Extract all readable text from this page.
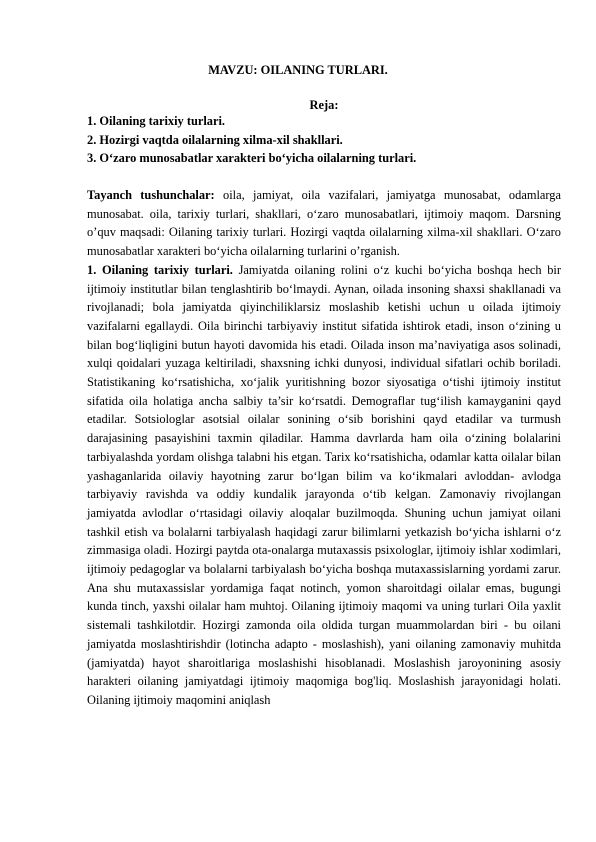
MAVZU: OILANING TURLARI.
Reja:
1. Oilaning tarixiy turlari.
2. Hozirgi vaqtda oilalarning xilma-xil shakllari.
3. O‘zaro munosabatlar xarakteri bo‘yicha oilalarning turlari.

Tayanch tushunchalar: oila, jamiyat, oila vazifalari, jamiyatga munosabat, odamlarga munosabat. oila, tarixiy turlari, shakllari, o‘zaro munosabatlari, ijtimoiy maqom. Darsning o’quv maqsadi: Oilaning tarixiy turlari. Hozirgi vaqtda oilalarning xilma-xil shakllari. O‘zaro munosabatlar xarakteri bo‘yicha oilalarning turlarini o’rganish.

1. Oilaning tarixiy turlari. Jamiyatda oilaning rolini o‘z kuchi bo‘yicha boshqa hech bir ijtimoiy institutlar bilan tenglashtirib bo‘lmaydi. Aynan, oilada insoning shaxsi shakllanadi va rivojlanadi; bola jamiyatda qiyinchiliklarsiz moslashib ketishi uchun u oilada ijtimoiy vazifalarni egallaydi. Oila birinchi tarbiyaviy institut sifatida ishtirok etadi, inson o‘zining u bilan bog‘liqligini butun hayoti davomida his etadi. Oilada inson ma’naviyatiga asos solinadi, xulqi qoidalari yuzaga keltiriladi, shaxsning ichki dunyosi, individual sifatlari ochib boriladi. Statistikaning ko‘rsatishicha, xo‘jalik yuritishning bozor siyosatiga o‘tishi ijtimoiy institut sifatida oila holatiga ancha salbiy ta’sir ko‘rsatdi. Demograflar tug‘ilish kamayganini qayd etadilar. Sotsiologlar asotsial oilalar sonining o‘sib borishini qayd etadilar va turmush darajasining pasayishini taxmin qiladilar. Hamma davrlarda ham oila o‘zining bolalarini tarbiyalashda yordam olishga talabni his etgan. Tarix ko‘rsatishicha, odamlar katta oilalar bilan yashaganlarida oilaviy hayotning zarur bo‘lgan bilim va ko‘ikmalari avloddan- avlodga tarbiyaviy ravishda va oddiy kundalik jarayonda o‘tib kelgan. Zamonaviy rivojlangan jamiyatda avlodlar o‘rtasidagi oilaviy aloqalar buzilmoqda. Shuning uchun jamiyat oilani tashkil etish va bolalarni tarbiyalash haqidagi zarur bilimlarni yetkazish bo‘yicha ishlarni o‘z zimmasiga oladi. Hozirgi paytda ota-onalarga mutaxassis psixologlar, ijtimoiy ishlar xodimlari, ijtimoiy pedagoglar va bolalarni tarbiyalash bo‘yicha boshqa mutaxassislarning yordami zarur. Ana shu mutaxassislar yordamiga faqat notinch, yomon sharoitdagi oilalar emas, bugungi kunda tinch, yaxshi oilalar ham muhtoj. Oilaning ijtimoiy maqomi va uning turlari Oila yaxlit sistemali tashkilotdir. Hozirgi zamonda oila oldida turgan muammolardan biri - bu oilani jamiyatda moslashtirishdir (lotincha adapto - moslashish), yani oilaning zamonaviy muhitda (jamiyatda) hayot sharoitlariga moslashishi hisoblanadi. Moslashish jaroyonining asosiy harakteri oilaning jamiyatdagi ijtimoiy maqomiga bog'liq. Moslashish jarayonidagi holati. Oilaning ijtimoiy maqomini aniqlash
